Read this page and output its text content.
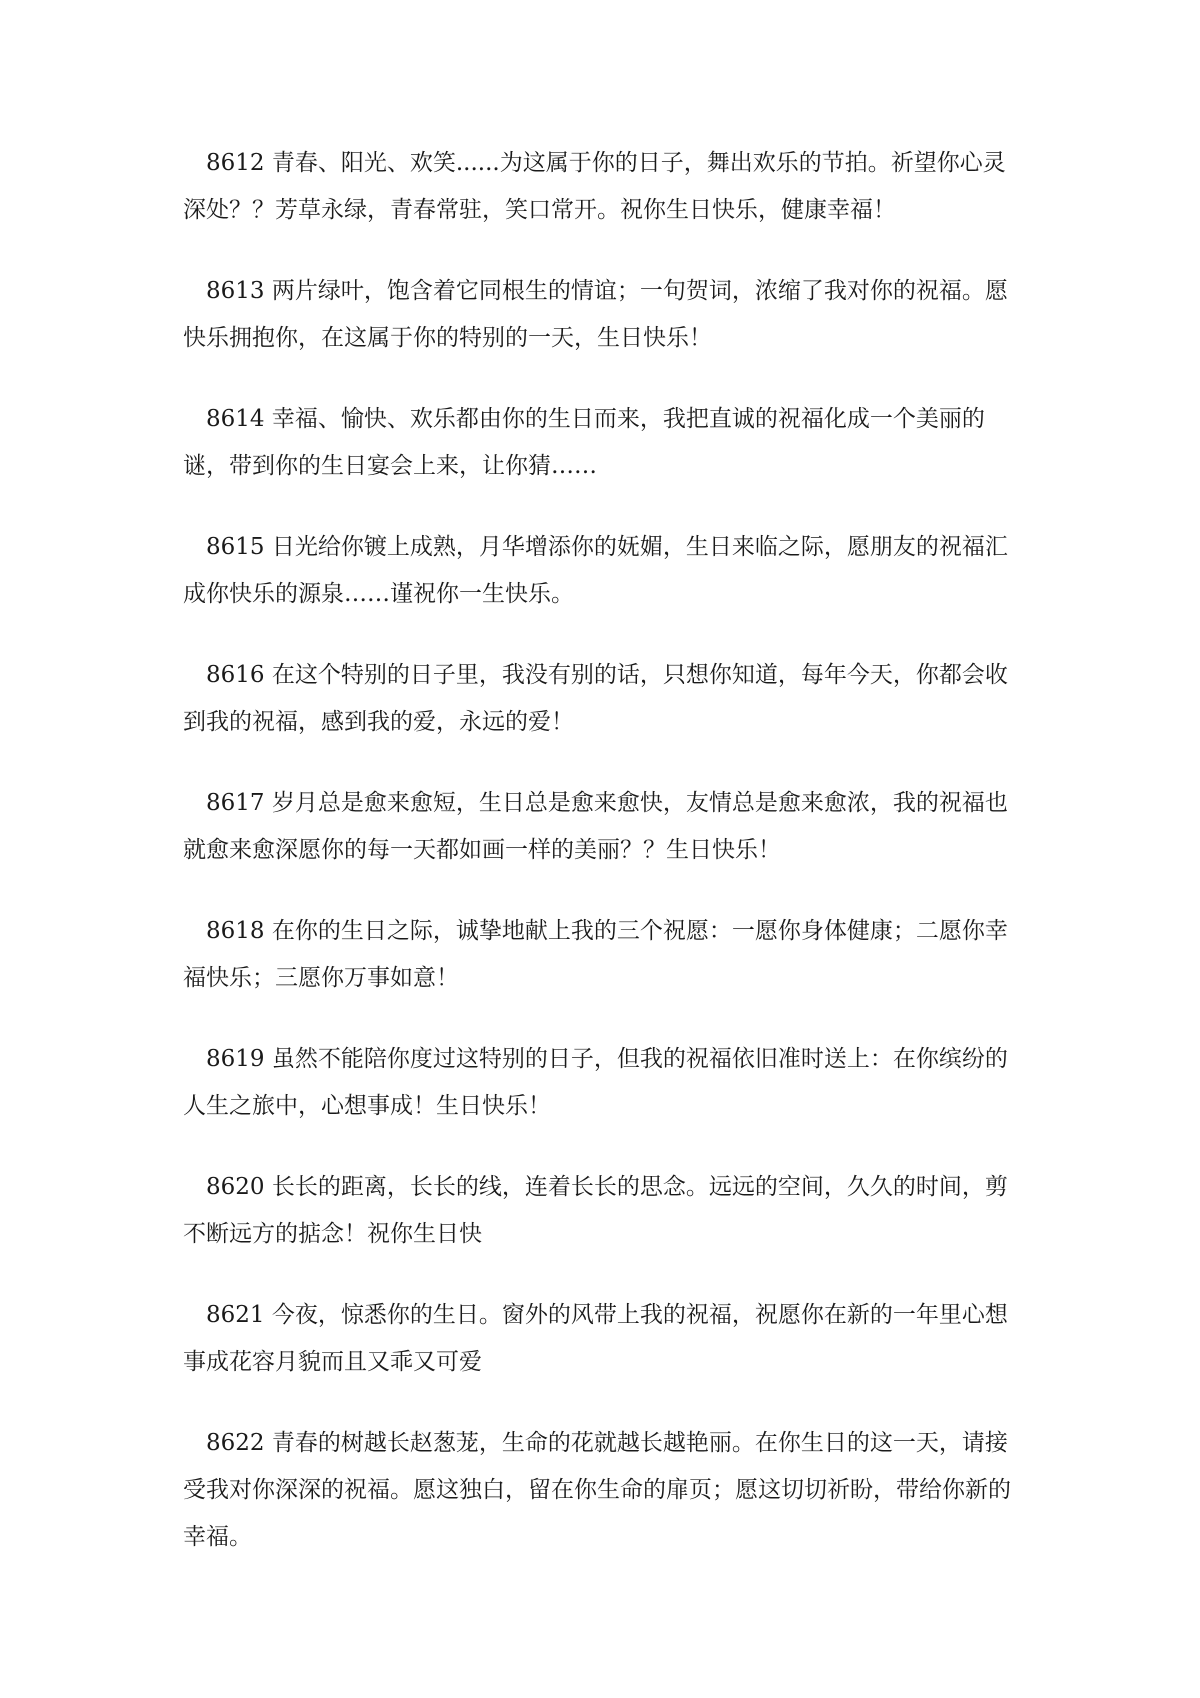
8612 青春、阳光、欢笑......为这属于你的日子，舞出欢乐的节拍。祈望你心灵深处？？芳草永绿，青春常驻，笑口常开。祝你生日快乐，健康幸福！

8613 两片绿叶，饱含着它同根生的情谊；一句贺词，浓缩了我对你的祝福。愿快乐拥抱你，在这属于你的特别的一天，生日快乐！

8614 幸福、愉快、欢乐都由你的生日而来，我把直诚的祝福化成一个美丽的谜，带到你的生日宴会上来，让你猜……

8615 日光给你镀上成熟，月华增添你的妩媚，生日来临之际，愿朋友的祝福汇成你快乐的源泉……谨祝你一生快乐。

8616 在这个特别的日子里，我没有别的话，只想你知道，每年今天，你都会收到我的祝福，感到我的爱，永远的爱！

8617 岁月总是愈来愈短，生日总是愈来愈快，友情总是愈来愈浓，我的祝福也就愈来愈深愿你的每一天都如画一样的美丽？？生日快乐！

8618 在你的生日之际，诚挚地献上我的三个祝愿：一愿你身体健康；二愿你幸福快乐；三愿你万事如意！

8619 虽然不能陪你度过这特别的日子，但我的祝福依旧准时送上：在你缤纷的人生之旅中，心想事成！生日快乐！

8620 长长的距离，长长的线，连着长长的思念。远远的空间，久久的时间，剪不断远方的掂念！祝你生日快

8621 今夜，惊悉你的生日。窗外的风带上我的祝福，祝愿你在新的一年里心想事成花容月貌而且又乖又可爱

8622 青春的树越长赵葱茏，生命的花就越长越艳丽。在你生日的这一天，请接受我对你深深的祝福。愿这独白，留在你生命的扉页；愿这切切祈盼，带给你新的幸福。
